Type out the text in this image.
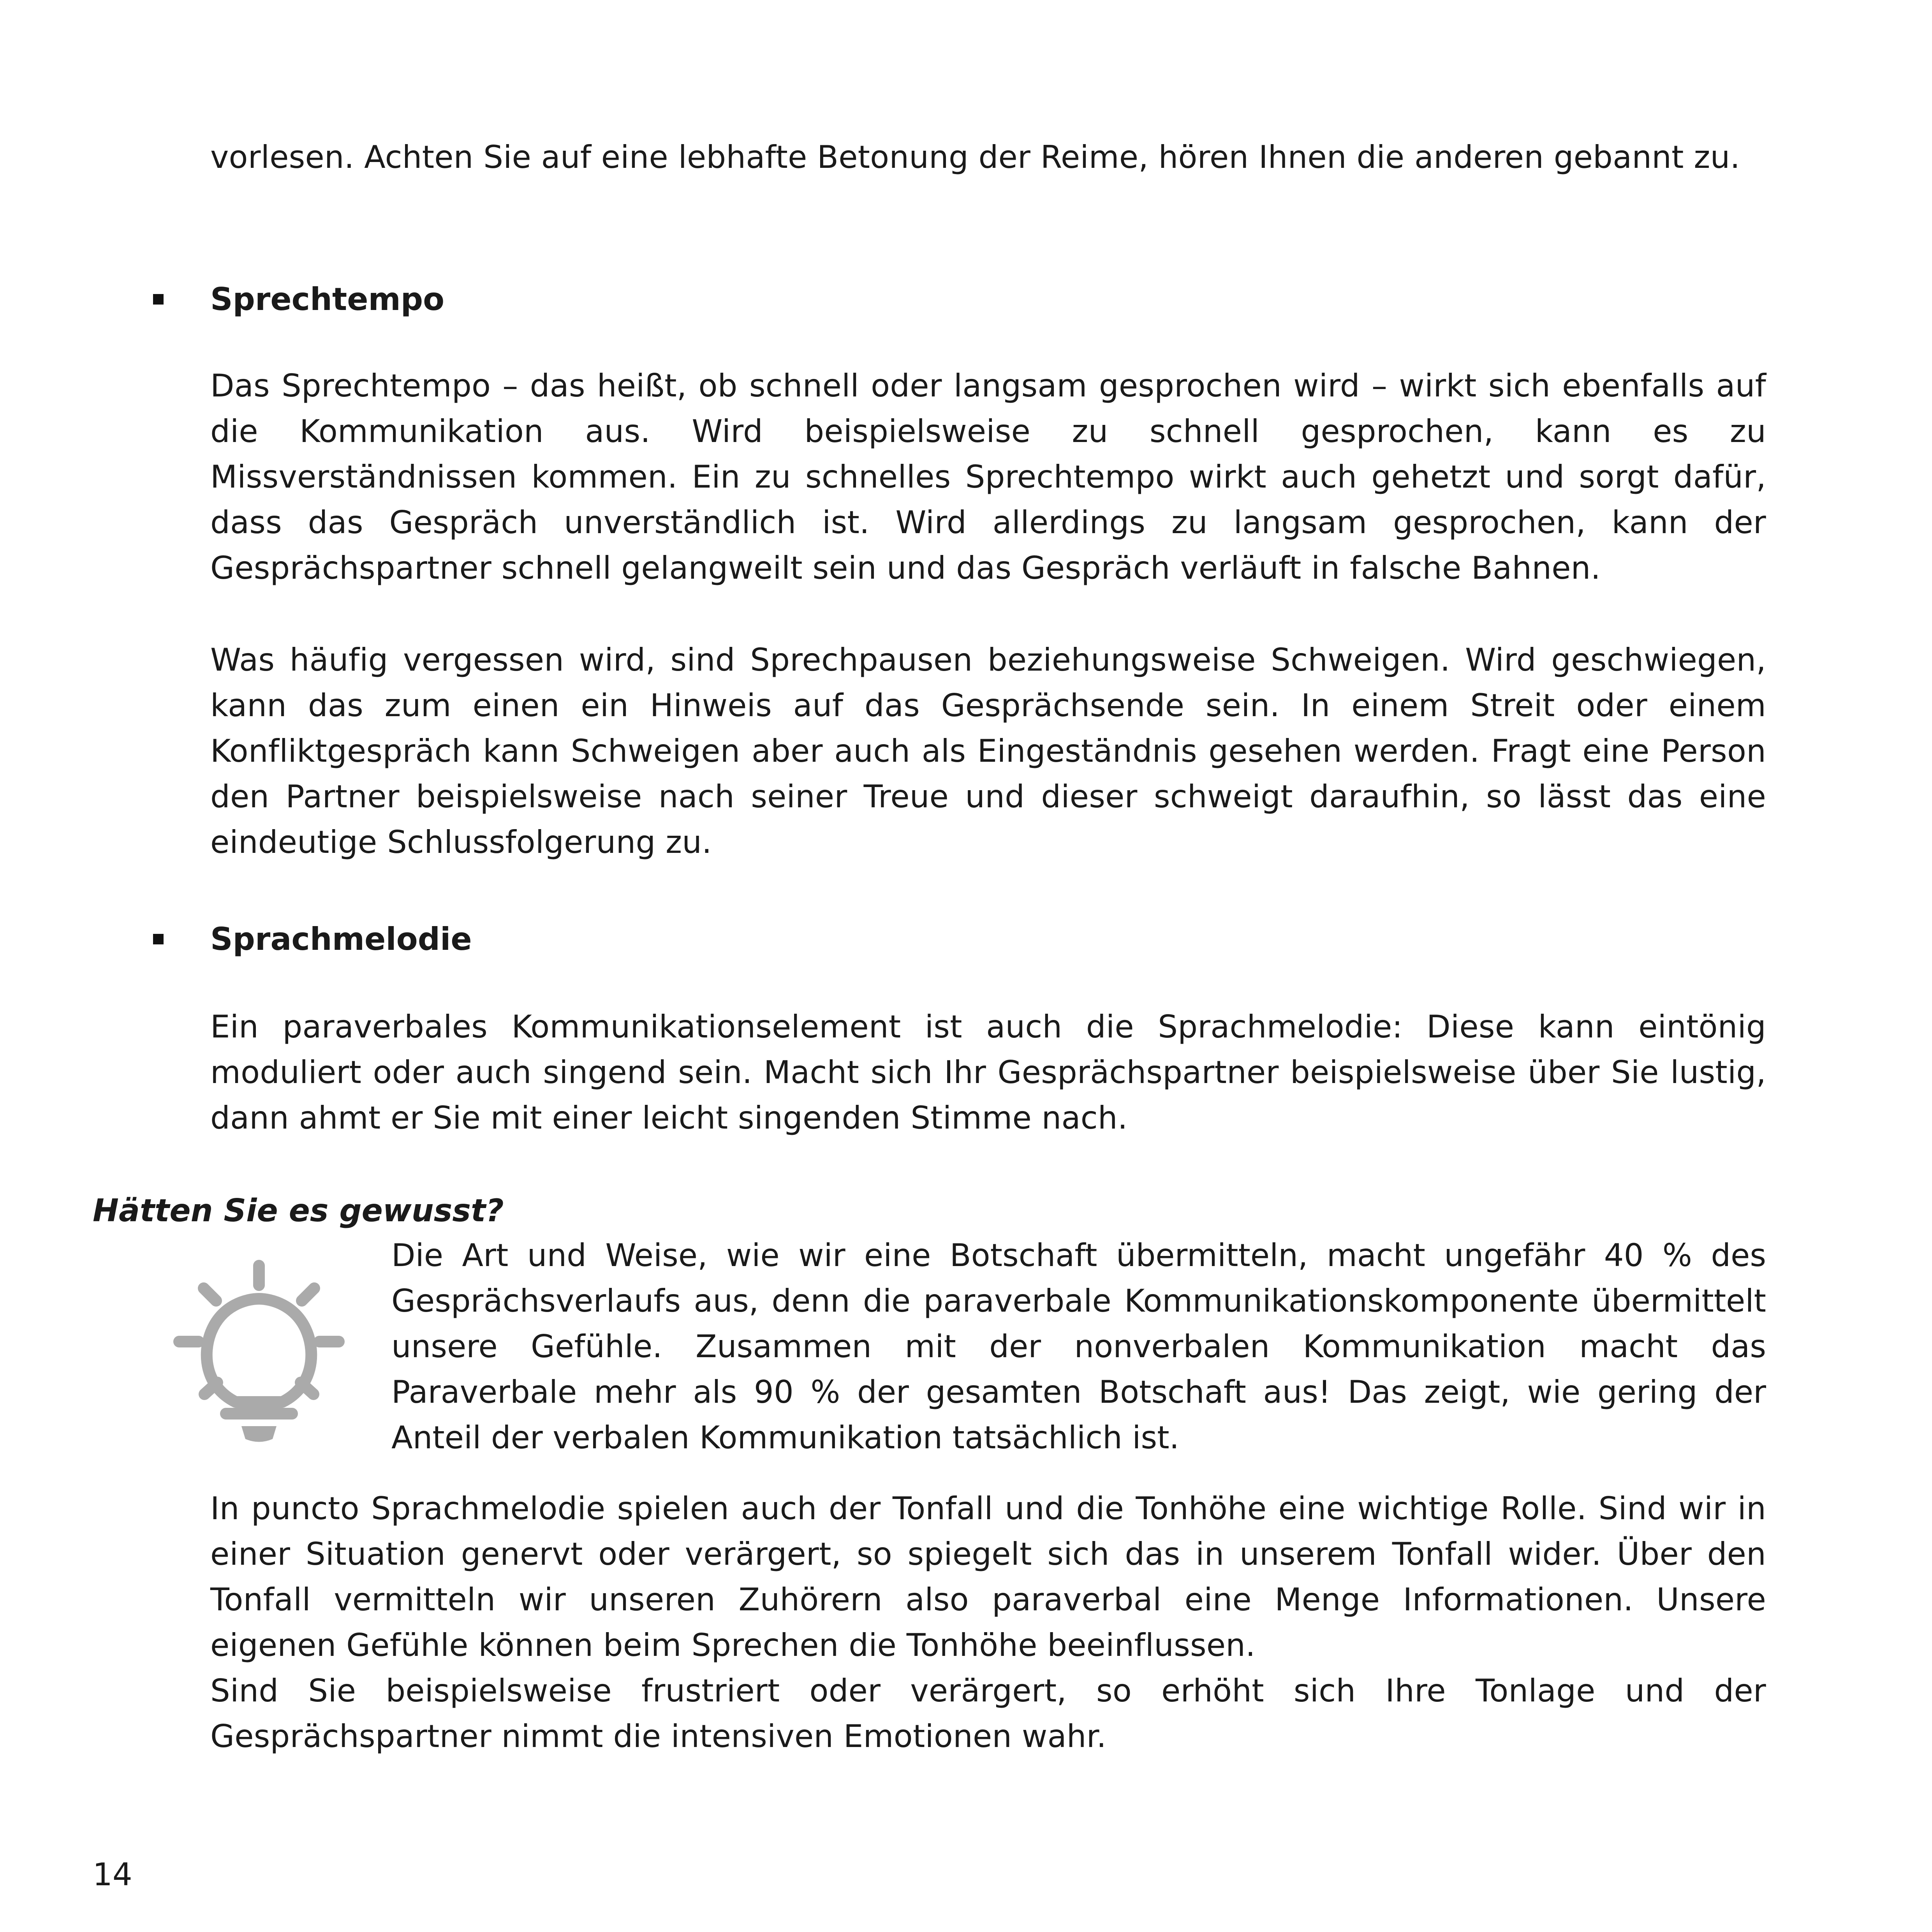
vorlesen. Achten Sie auf eine lebhafte Betonung der Reime, hören Ihnen die anderen gebannt zu.

Sprechtempo

Das Sprechtempo – das heißt, ob schnell oder langsam gesprochen wird – wirkt sich ebenfalls auf die Kommunikation aus. Wird beispielsweise zu schnell gesprochen, kann es zu Missverständnissen kommen. Ein zu schnelles Sprechtempo wirkt auch gehetzt und sorgt dafür, dass das Gespräch unverständlich ist. Wird allerdings zu langsam gesprochen, kann der Gesprächspartner schnell gelangweilt sein und das Gespräch verläuft in falsche Bahnen.

Was häufig vergessen wird, sind Sprechpausen beziehungsweise Schweigen. Wird geschwiegen, kann das zum einen ein Hinweis auf das Gesprächsende sein. In einem Streit oder einem Konfliktgespräch kann Schweigen aber auch als Eingeständnis gesehen werden. Fragt eine Person den Partner beispielsweise nach seiner Treue und dieser schweigt daraufhin, so lässt das eine eindeutige Schlussfolgerung zu.

Sprachmelodie

Ein paraverbales Kommunikationselement ist auch die Sprachmelodie: Diese kann eintönig moduliert oder auch singend sein. Macht sich Ihr Gesprächspartner beispielsweise über Sie lustig, dann ahmt er Sie mit einer leicht singenden Stimme nach.

Hätten Sie es gewusst?

Die Art und Weise, wie wir eine Botschaft übermitteln, macht ungefähr 40 % des Gesprächsverlaufs aus, denn die paraverbale Kommunikationskomponente übermittelt unsere Gefühle. Zusammen mit der nonverbalen Kommunikation macht das Paraverbale mehr als 90 % der gesamten Botschaft aus! Das zeigt, wie gering der Anteil der verbalen Kommunikation tatsächlich ist.

In puncto Sprachmelodie spielen auch der Tonfall und die Tonhöhe eine wichtige Rolle. Sind wir in einer Situation genervt oder verärgert, so spiegelt sich das in unserem Tonfall wider. Über den Tonfall vermitteln wir unseren Zuhörern also paraverbal eine Menge Informationen. Unsere eigenen Gefühle können beim Sprechen die Tonhöhe beeinflussen.

Sind Sie beispielsweise frustriert oder verärgert, so erhöht sich Ihre Tonlage und der Gesprächspartner nimmt die intensiven Emotionen wahr.

14
